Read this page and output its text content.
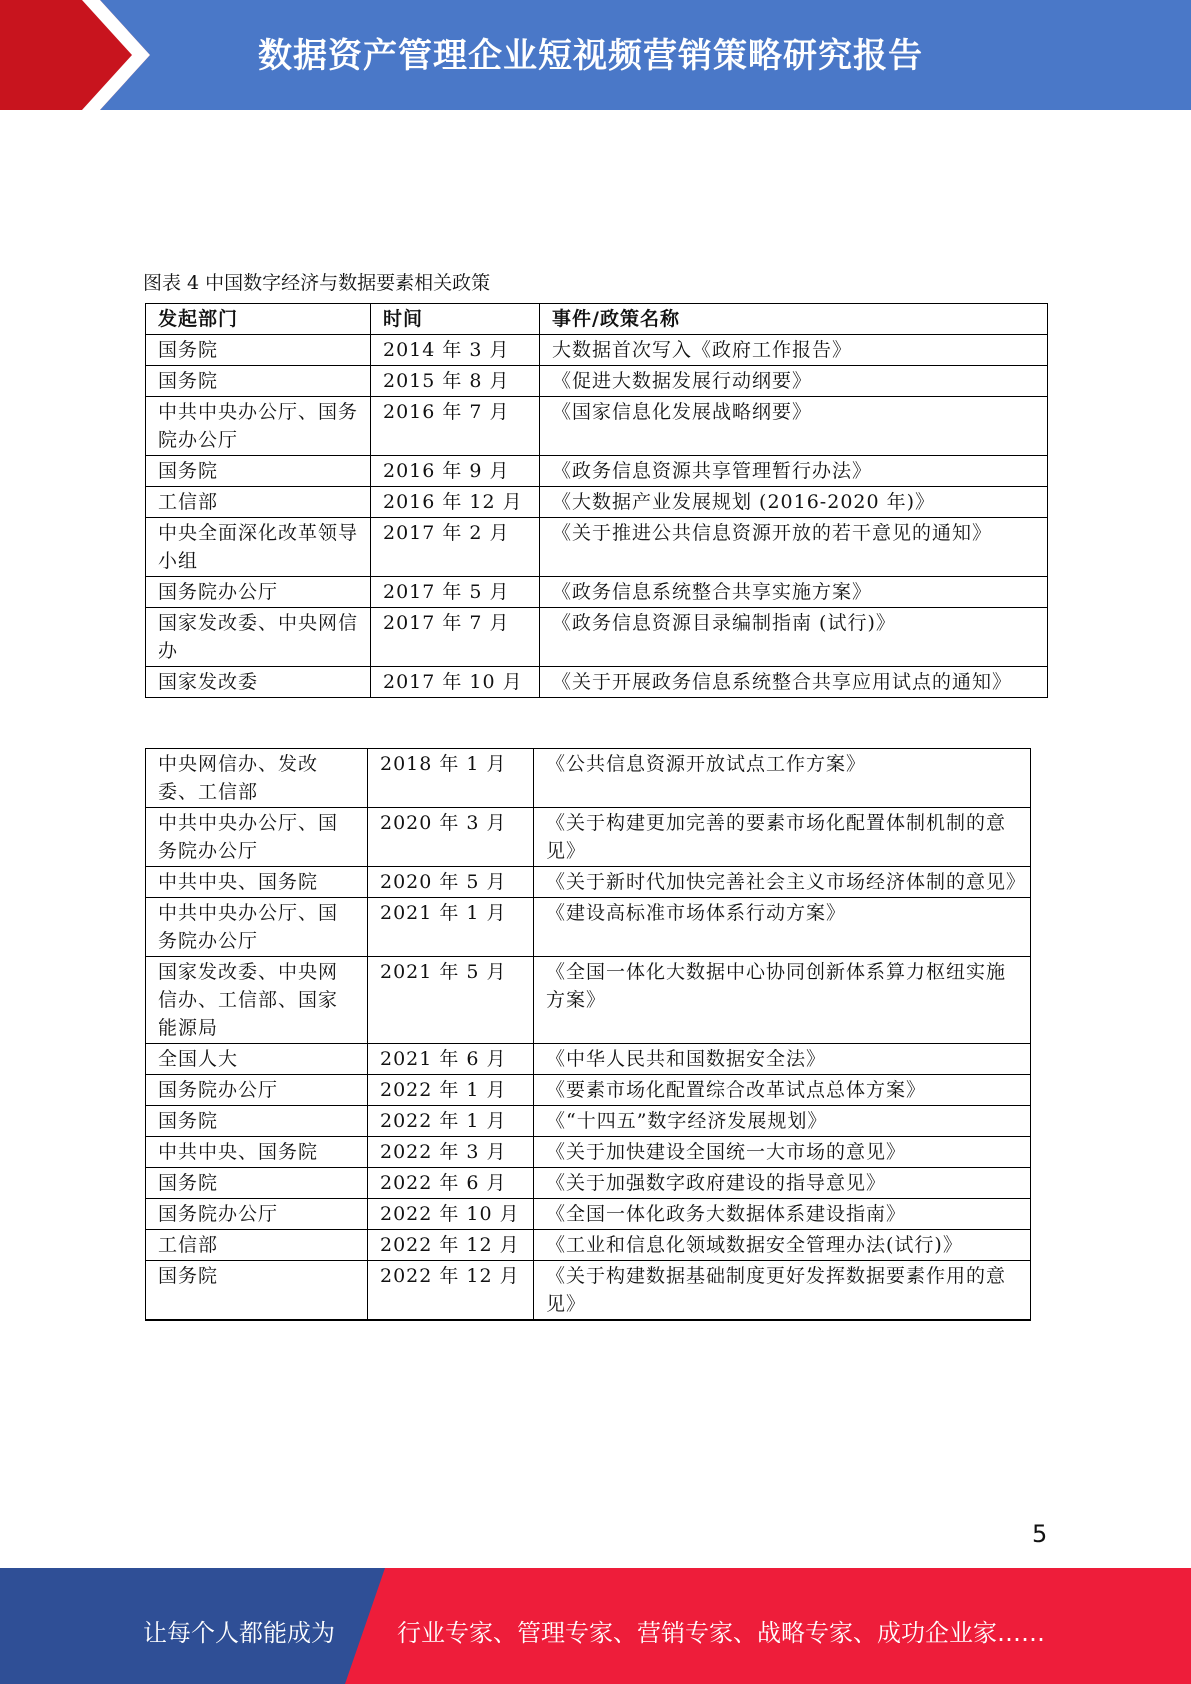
数据资产管理企业短视频营销策略研究报告
图表 4 中国数字经济与数据要素相关政策
发起部门	时间	事件/政策名称
国务院	2014 年 3 月	大数据首次写入《政府工作报告》
国务院	2015 年 8 月	《促进大数据发展行动纲要》
中共中央办公厅、国务院办公厅	2016 年 7 月	《国家信息化发展战略纲要》
国务院	2016 年 9 月	《政务信息资源共享管理暂行办法》
工信部	2016 年 12 月	《大数据产业发展规划 (2016-2020 年)》
中央全面深化改革领导小组	2017 年 2 月	《关于推进公共信息资源开放的若干意见的通知》
国务院办公厅	2017 年 5 月	《政务信息系统整合共享实施方案》
国家发改委、中央网信办	2017 年 7 月	《政务信息资源目录编制指南 (试行)》
国家发改委	2017 年 10 月	《关于开展政务信息系统整合共享应用试点的通知》
中央网信办、发改委、工信部	2018 年 1 月	《公共信息资源开放试点工作方案》
中共中央办公厅、国务院办公厅	2020 年 3 月	《关于构建更加完善的要素市场化配置体制机制的意见》
中共中央、国务院	2020 年 5 月	《关于新时代加快完善社会主义市场经济体制的意见》
中共中央办公厅、国务院办公厅	2021 年 1 月	《建设高标准市场体系行动方案》
国家发改委、中央网信办、工信部、国家能源局	2021 年 5 月	《全国一体化大数据中心协同创新体系算力枢纽实施方案》
全国人大	2021 年 6 月	《中华人民共和国数据安全法》
国务院办公厅	2022 年 1 月	《要素市场化配置综合改革试点总体方案》
国务院	2022 年 1 月	《“十四五”数字经济发展规划》
中共中央、国务院	2022 年 3 月	《关于加快建设全国统一大市场的意见》
国务院	2022 年 6 月	《关于加强数字政府建设的指导意见》
国务院办公厅	2022 年 10 月	《全国一体化政务大数据体系建设指南》
工信部	2022 年 12 月	《工业和信息化领域数据安全管理办法(试行)》
国务院	2022 年 12 月	《关于构建数据基础制度更好发挥数据要素作用的意见》
5
让每个人都能成为	行业专家、管理专家、营销专家、战略专家、成功企业家……
